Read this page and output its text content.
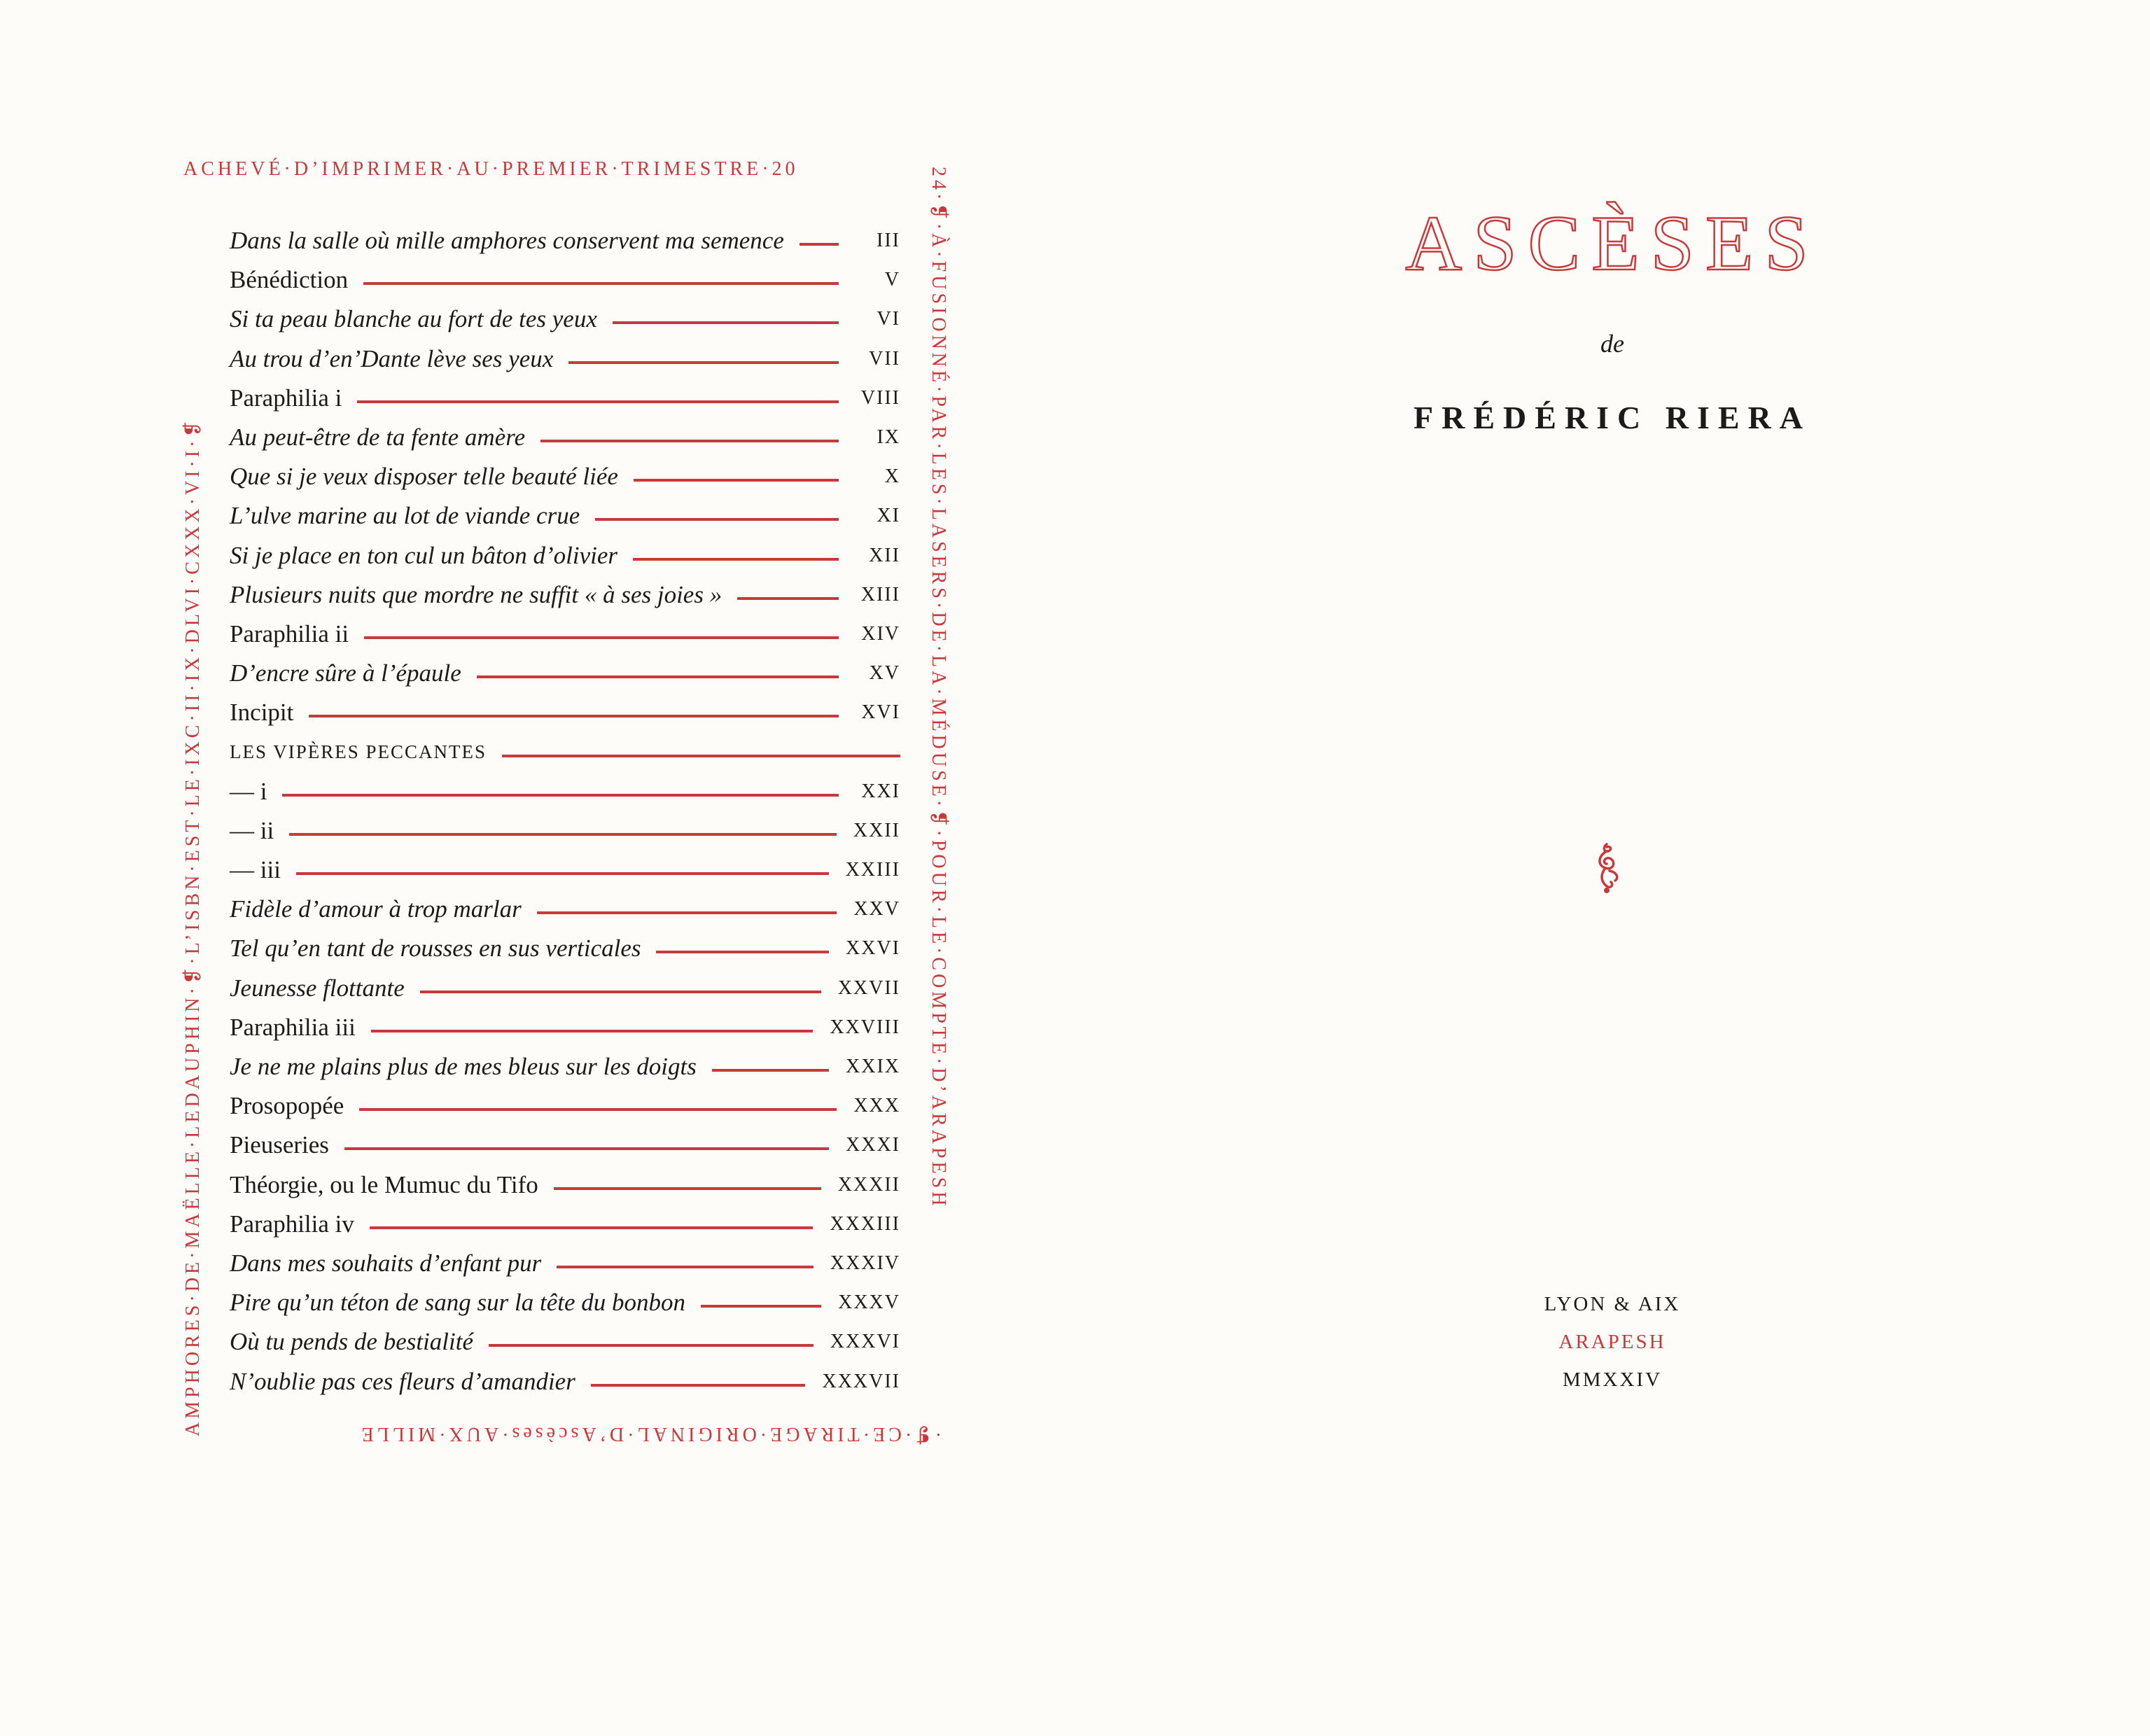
ACHEVÉ·D’IMPRIMER·AU·PREMIER·TRIMESTRE·20	24·❡·À·FUSIONNÉ·PAR·LES·LASERS·DE·LA·MÉDUSE·❡·POUR·LE·COMPTE·D’ARAPESH
·❡·CE·TIRAGE·ORIGINAL·D’Ascèses·AUX·MILLE
AMPHORES·DE·MAËLLE·LEDAUPHIN·❡·L’ISBN·EST·LE·IXC·II·IX·DLVI·CXXX·VI·I·❡
Dans la salle où mille amphores conservent ma semence	III
Bénédiction	V
Si ta peau blanche au fort de tes yeux	VI
Au trou d’en’Dante lève ses yeux	VII
Paraphilia i	VIII
Au peut-être de ta fente amère	IX
Que si je veux disposer telle beauté liée	X
L’ulve marine au lot de viande crue	XI
Si je place en ton cul un bâton d’olivier	XII
Plusieurs nuits que mordre ne suffit « à ses joies »	XIII
Paraphilia ii	XIV
D’encre sûre à l’épaule	XV
Incipit	XVI
LES VIPÈRES PECCANTES
— i	XXI
— ii	XXII
— iii	XXIII
Fidèle d’amour à trop marlar	XXV
Tel qu’en tant de rousses en sus verticales	XXVI
Jeunesse flottante	XXVII
Paraphilia iii	XXVIII
Je ne me plains plus de mes bleus sur les doigts	XXIX
Prosopopée	XXX
Pieuseries	XXXI
Théorgie, ou le Mumuc du Tifo	XXXII
Paraphilia iv	XXXIII
Dans mes souhaits d’enfant pur	XXXIV
Pire qu’un téton de sang sur la tête du bonbon	XXXV
Où tu pends de bestialité	XXXVI
N’oublie pas ces fleurs d’amandier	XXXVII
ASCÈSES
de
FRÉDÉRIC RIERA
LYON & AIX
ARAPESH
MMXXIV
